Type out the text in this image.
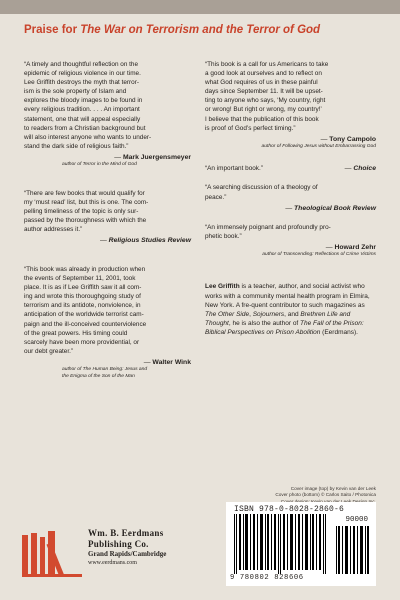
Praise for The War on Terrorism and the Terror of God

“A timely and thoughtful reflection on the
epidemic of religious violence in our time.
Lee Griffith destroys the myth that terror-
ism is the sole property of Islam and
explores the bloody images to be found in
every religious tradition. . . . An important
statement, one that will appeal especially
to readers from a Christian background but
will also interest anyone who wants to under-
stand the dark side of religious faith.”

— Mark Juergensmeyer

author of Terror in the Mind of God

“There are few books that would qualify for
my ‘must read’ list, but this is one. The com-
pelling timeliness of the topic is only sur-
passed by the thoroughness with which the
author addresses it.”

— Religious Studies Review

“This book was already in production when
the events of September 11, 2001, took
place. It is as if Lee Griffith saw it all com-
ing and wrote this thoroughgoing study of
terrorism and its antidote, nonviolence, in
anticipation of the worldwide terrorist cam-
paign and the ill-conceived counterviolence
of the great powers. His timing could
scarcely have been more providential, or
our debt greater.”

— Walter Wink

author of The Human Being: Jesus and
the Enigma of the Son of the Man

“This book is a call for us Americans to take
a good look at ourselves and to reflect on
what God requires of us in these painful
days since September 11. It will be upset-
ting to anyone who says, ‘My country, right
or wrong! But right or wrong, my country!’
I believe that the publication of this book
is proof of God’s perfect timing.”

— Tony Campolo

author of Following Jesus without Embarrassing God

“An important book.”	— Choice

“A searching discussion of a theology of
peace.”

— Theological Book Review

“An immensely poignant and profoundly pro-
phetic book.”

— Howard Zehr

author of Transcending: Reflections of Crime Victims

Lee Griffith is a teacher, author, and social activist who works with a community mental health program in Elmira, New York. A fre-quent contributor to such magazines as The Other Side, Sojourners, and Brethren Life and Thought, he is also the author of The Fall of the Prison: Biblical Perspectives on Prison Abolition (Eerdmans).

Cover image (top) by Kevin van der Leek
Cover photo (bottom) © Carlos Saito / Photonica
Wm. B. Eerdmans
Publishing Co.
Grand Rapids/Cambridge
www.eerdmans.com
ISBN 978-0-8028-2860-6
90000
9 780802 828606
